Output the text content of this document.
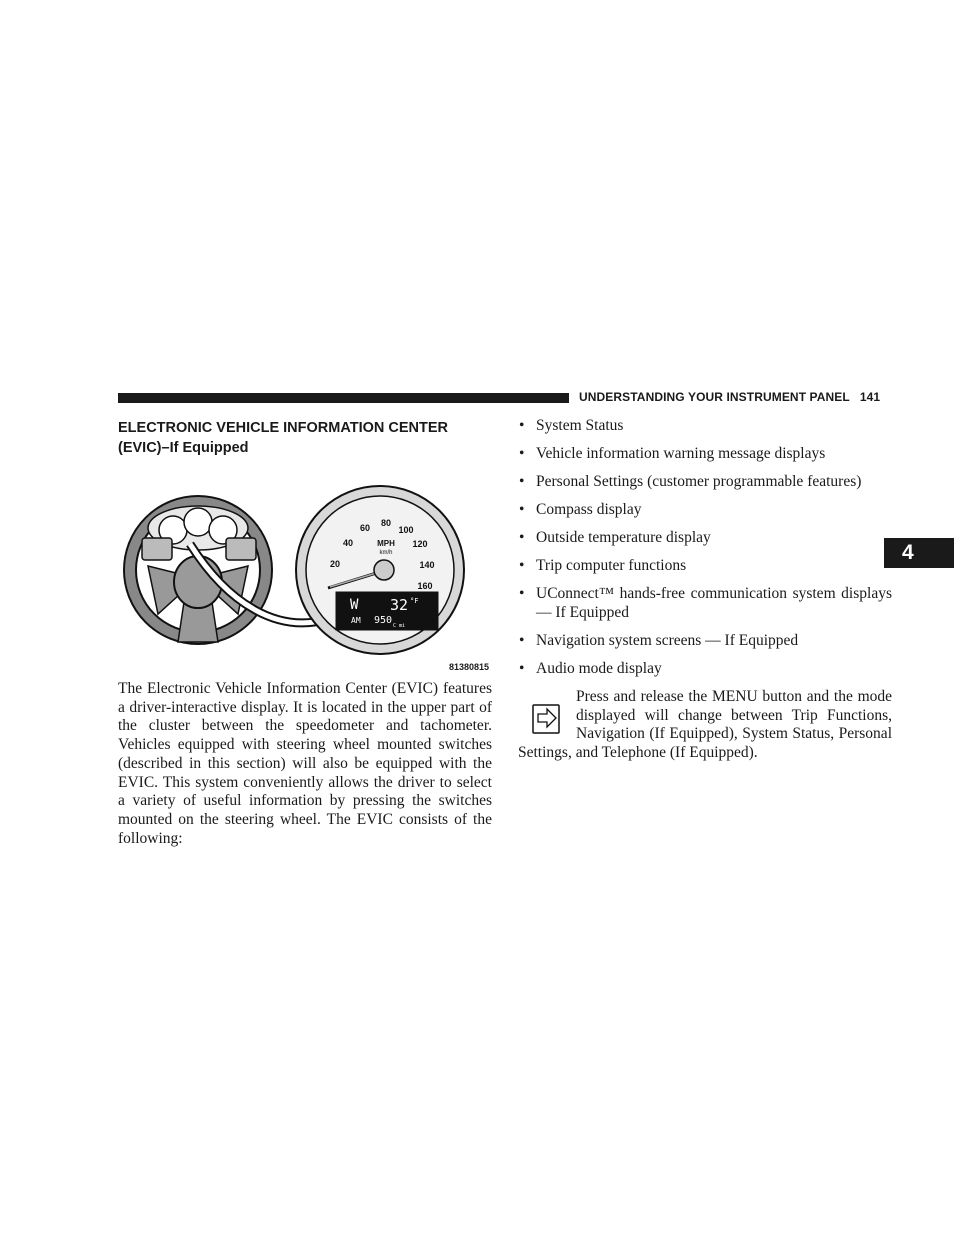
UNDERSTANDING YOUR INSTRUMENT PANEL 141
4
ELECTRONIC VEHICLE INFORMATION CENTER
(EVIC)–If Equipped
20
40
60 80
100
120
140
160
MPH
km/h
W 32 °F
AM 950 C mi
81380815

The Electronic Vehicle Information Center (EVIC) features a driver-interactive display. It is located in the upper part of the cluster between the speedometer and tachometer. Vehicles equipped with steering wheel mounted switches (described in this section) will also be equipped with the EVIC. This system conveniently allows the driver to select a variety of useful information by pressing the switches mounted on the steering wheel. The EVIC consists of the following:

• System Status
• Vehicle information warning message displays
• Personal Settings (customer programmable features)
• Compass display
• Outside temperature display
• Trip computer functions
• UConnect™ hands-free communication system displays — If Equipped
• Navigation system screens — If Equipped
• Audio mode display
Press and release the MENU button and the mode displayed will change between Trip Functions, Navigation (If Equipped), System Status, Personal Settings, and Telephone (If Equipped).
